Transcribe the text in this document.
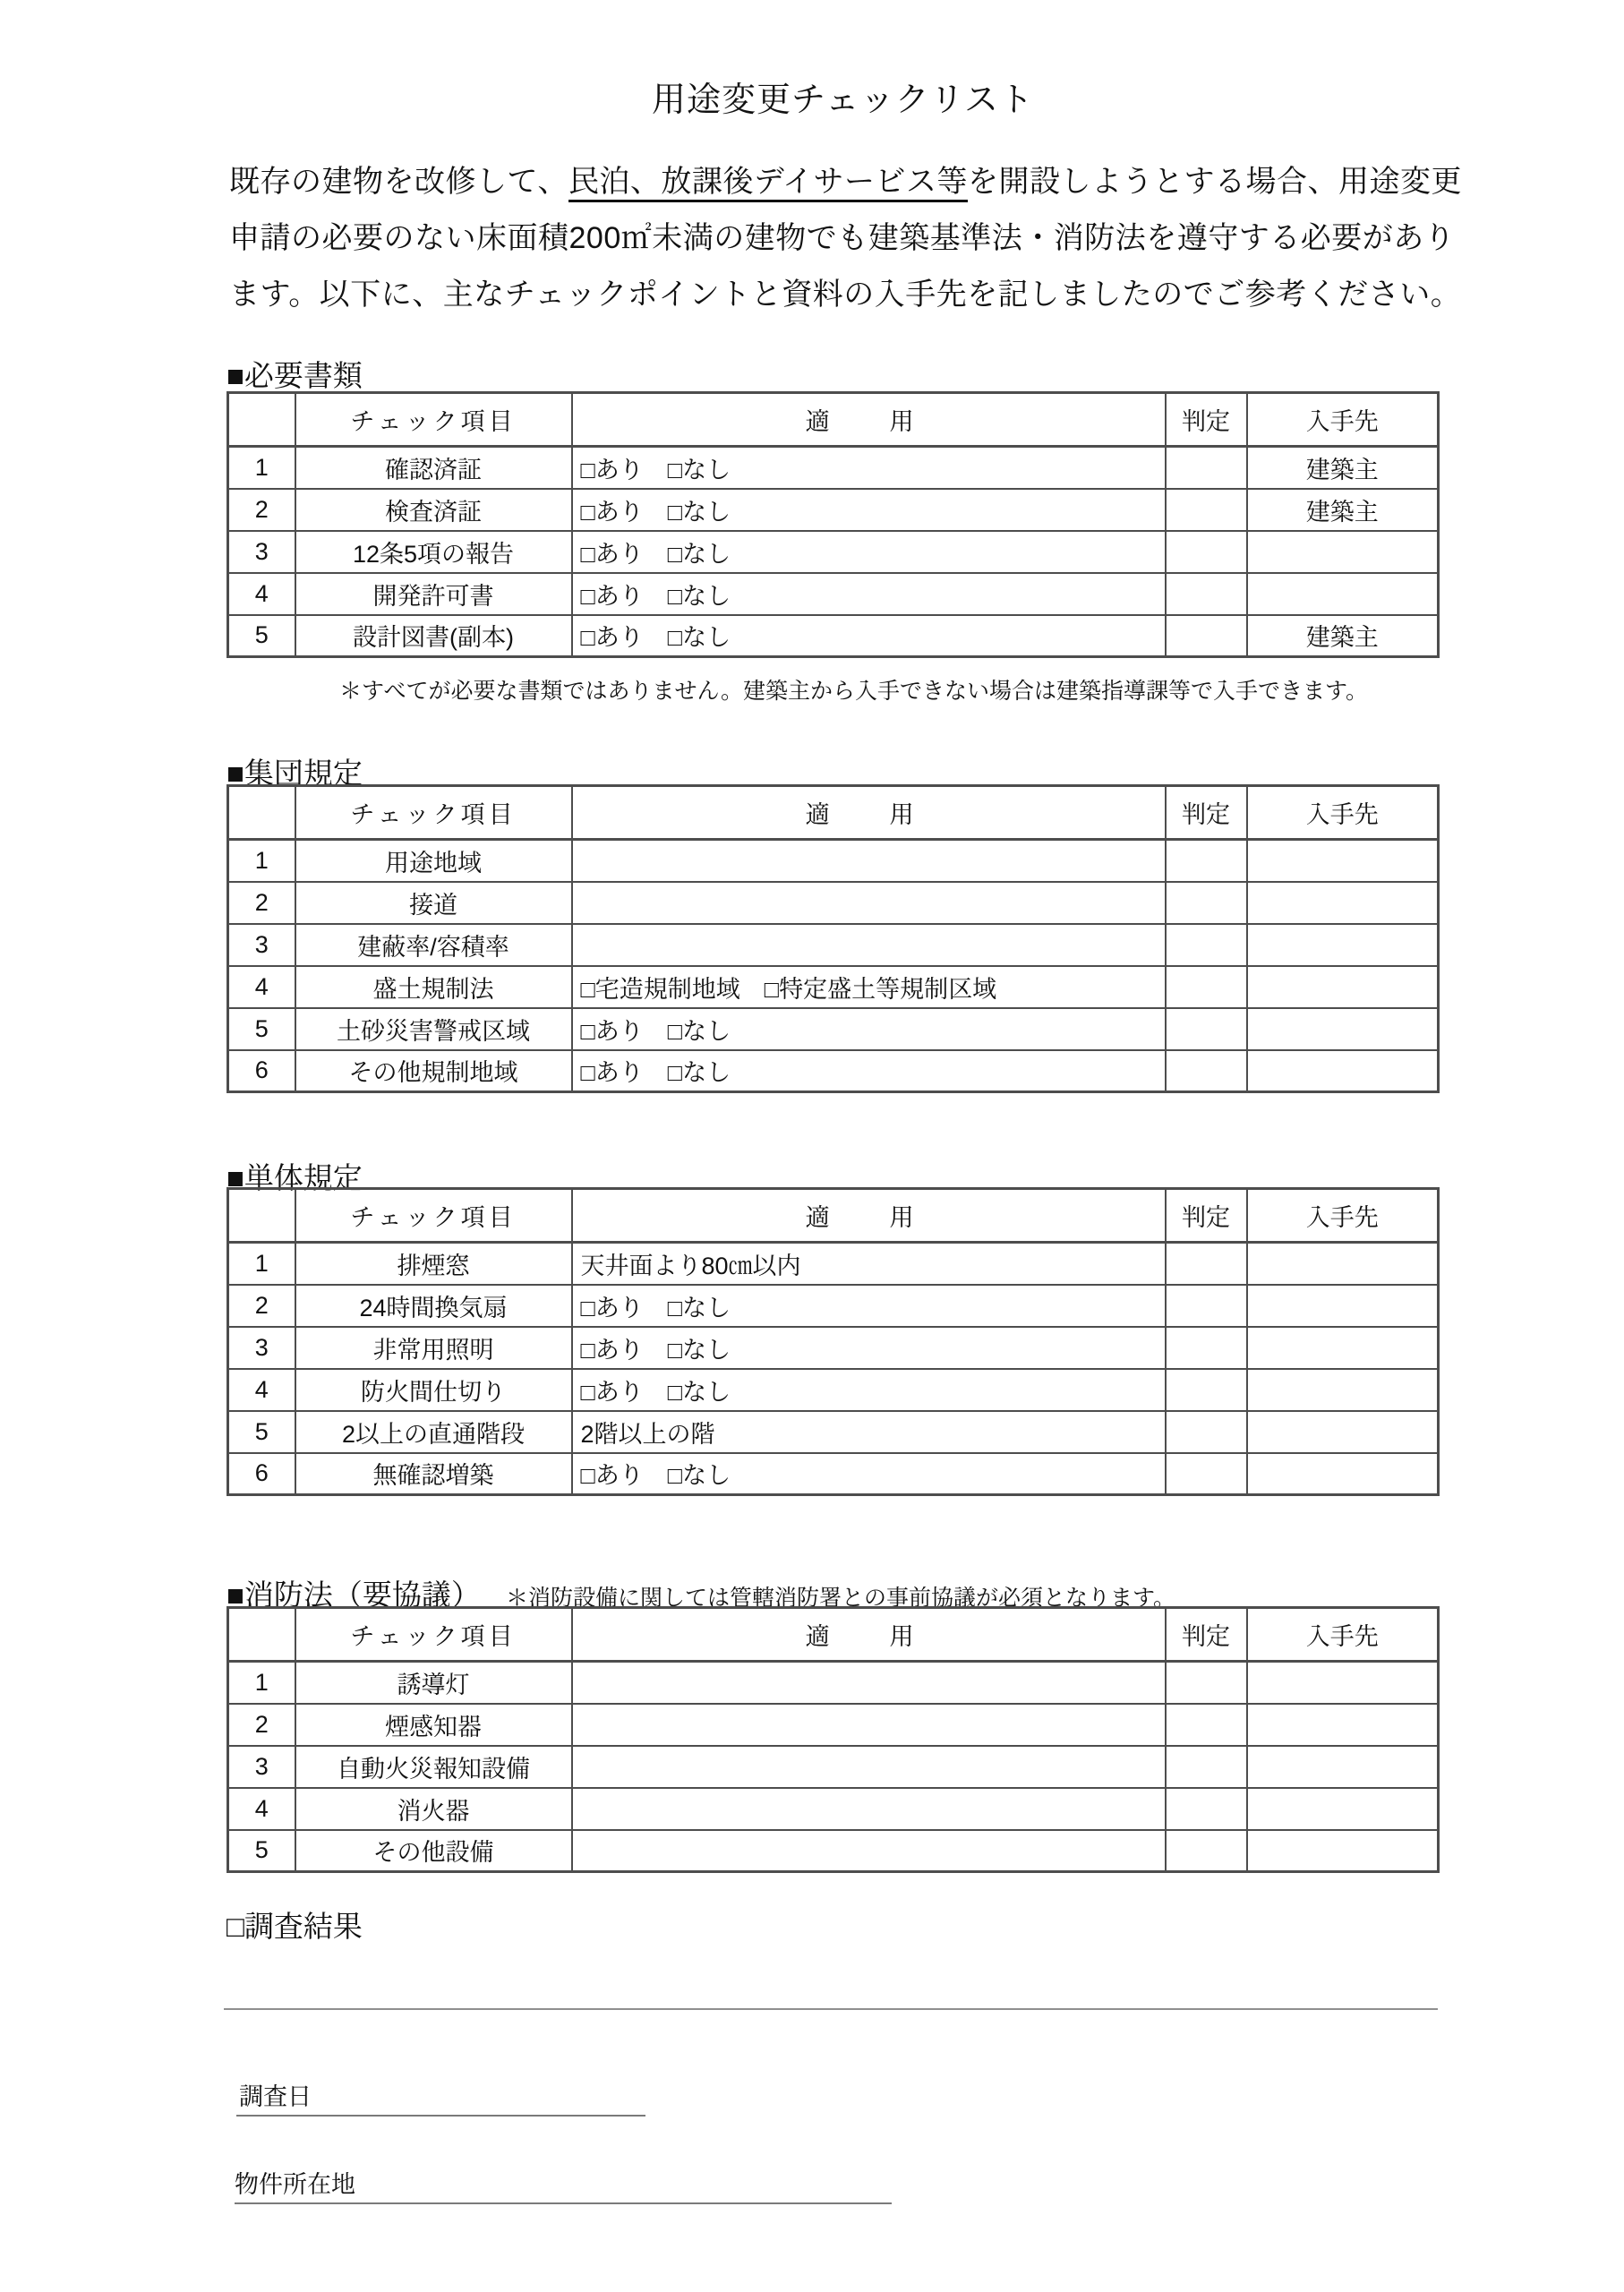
用途変更チェックリスト
既存の建物を改修して、民泊、放課後デイサービス等を開設しようとする場合、用途変更
申請の必要のない床面積200㎡未満の建物でも建築基準法・消防法を遵守する必要があり
ます。以下に、主なチェックポイントと資料の入手先を記しましたのでご参考ください。
■必要書類
	チェック項目	適　用	判定	入手先
1	確認済証	□あり　□なし		建築主
2	検査済証	□あり　□なし		建築主
3	12条5項の報告	□あり　□なし		
4	開発許可書	□あり　□なし		
5	設計図書(副本)	□あり　□なし		建築主
＊すべてが必要な書類ではありません。建築主から入手できない場合は建築指導課等で入手できます。
■集団規定
	チェック項目	適　用	判定	入手先
1	用途地域			
2	接道			
3	建蔽率/容積率			
4	盛土規制法	□宅造規制地域　□特定盛土等規制区域		
5	土砂災害警戒区域	□あり　□なし		
6	その他規制地域	□あり　□なし		
■単体規定
	チェック項目	適　用	判定	入手先
1	排煙窓	天井面より80㎝以内		
2	24時間換気扇	□あり　□なし		
3	非常用照明	□あり　□なし		
4	防火間仕切り	□あり　□なし		
5	2以上の直通階段	2階以上の階		
6	無確認増築	□あり　□なし		
■消防法（要協議） ＊消防設備に関しては管轄消防署との事前協議が必須となります。
	チェック項目	適　用	判定	入手先
1	誘導灯			
2	煙感知器			
3	自動火災報知設備			
4	消火器			
5	その他設備			
□調査結果
調査日
物件所在地
